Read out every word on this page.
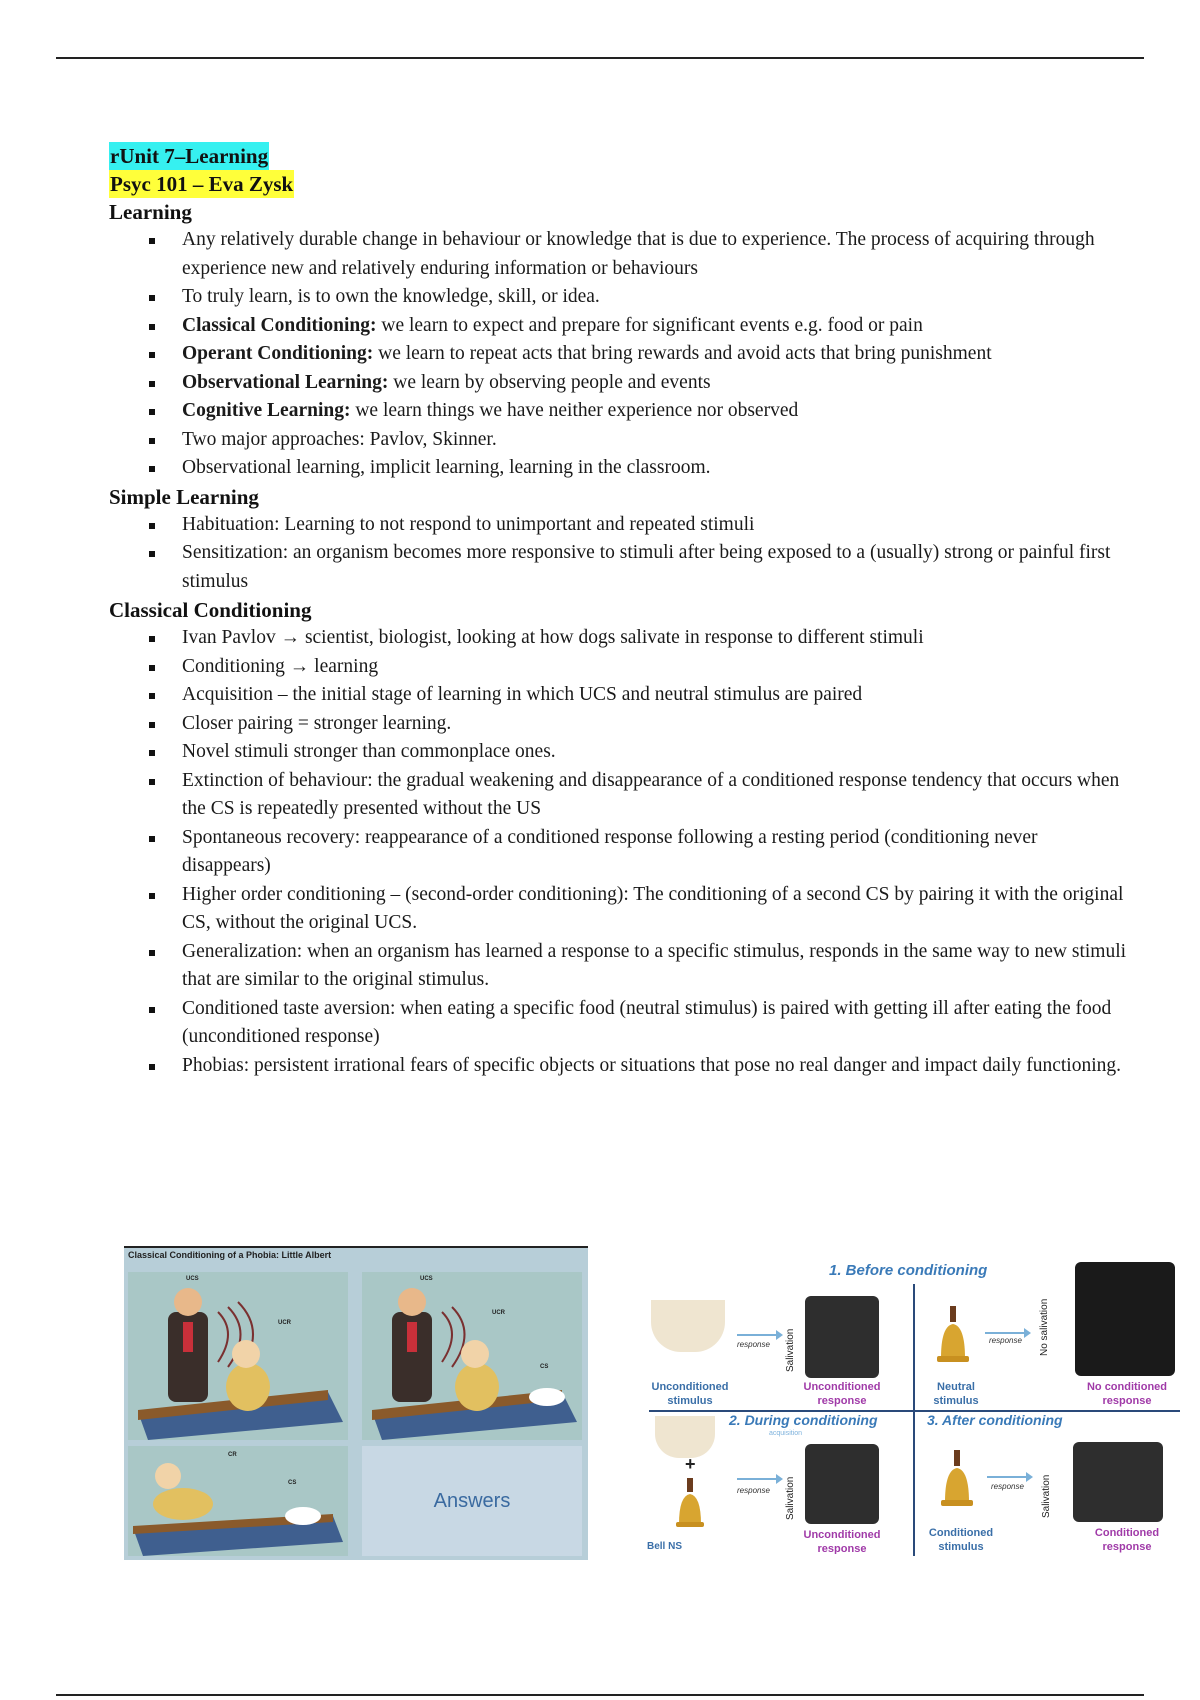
rUnit 7–Learning
Psyc 101 – Eva Zysk
Learning
Any relatively durable change in behaviour or knowledge that is due to experience. The process of acquiring through experience new and relatively enduring information or behaviours
To truly learn, is to own the knowledge, skill, or idea.
Classical Conditioning: we learn to expect and prepare for significant events e.g. food or pain
Operant Conditioning: we learn to repeat acts that bring rewards and avoid acts that bring punishment
Observational Learning: we learn by observing people and events
Cognitive Learning: we learn things we have neither experience nor observed
Two major approaches: Pavlov, Skinner.
Observational learning, implicit learning, learning in the classroom.
Simple Learning
Habituation: Learning to not respond to unimportant and repeated stimuli
Sensitization: an organism becomes more responsive to stimuli after being exposed to a (usually) strong or painful first stimulus
Classical Conditioning
Ivan Pavlov → scientist, biologist, looking at how dogs salivate in response to different stimuli
Conditioning → learning
Acquisition – the initial stage of learning in which UCS and neutral stimulus are paired
Closer pairing = stronger learning.
Novel stimuli stronger than commonplace ones.
Extinction of behaviour: the gradual weakening and disappearance of a conditioned response tendency that occurs when the CS is repeatedly presented without the US
Spontaneous recovery: reappearance of a conditioned response following a resting period (conditioning never disappears)
Higher order conditioning – (second-order conditioning): The conditioning of a second CS by pairing it with the original CS, without the original UCS.
Generalization: when an organism has learned a response to a specific stimulus, responds in the same way to new stimuli that are similar to the original stimulus.
Conditioned taste aversion: when eating a specific food (neutral stimulus) is paired with getting ill after eating the food (unconditioned response)
Phobias: persistent irrational fears of specific objects or situations that pose no real danger and impact daily functioning.
Classical Conditioning of a Phobia: Little Albert
UCS
UCR
UCS
UCR
CS
CR
CS
Answers
1. Before conditioning
response Salivation
Unconditioned stimulus
Unconditioned response
response No salivation
Neutral stimulus
No conditioned response
2. During conditioning
acquisition
3. After conditioning
+
response Salivation
Unconditioned response
Bell NS
response Salivation
Conditioned stimulus
Conditioned response
